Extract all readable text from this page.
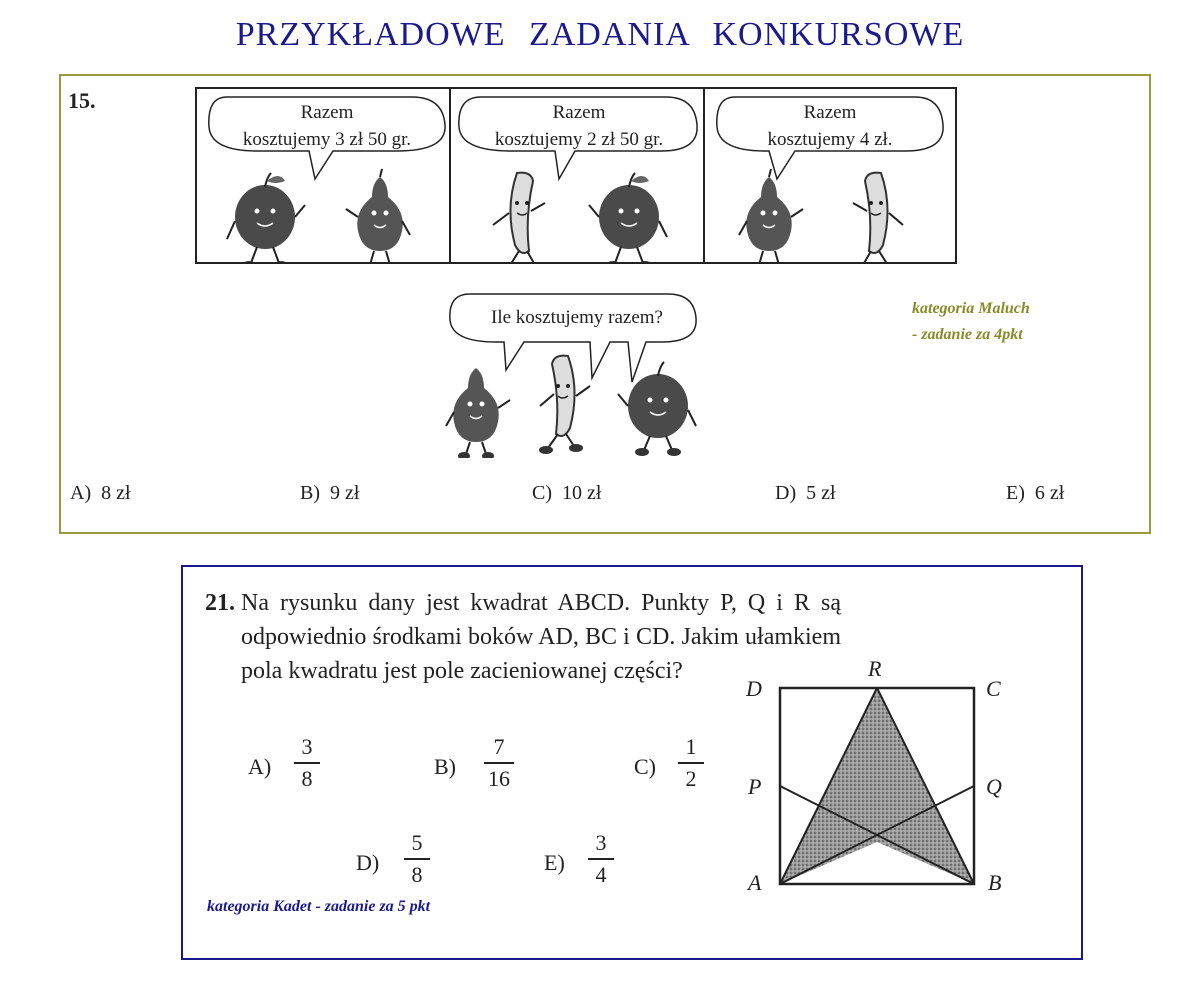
PRZYKŁADOWE ZADANIA KONKURSOWE
15.	Razem
kosztujemy 3 zł 50 gr.
Razem
kosztujemy 2 zł 50 gr.
Razem
kosztujemy 4 zł.
Ile kosztujemy razem?	kategoria Maluch
- zadanie za 4pkt
A) 8 zł	B) 9 zł	C) 10 zł	D) 5 zł	E) 6 zł
21. Na rysunku dany jest kwadrat ABCD. Punkty P, Q i R są odpowiednio środkami boków AD, BC i CD. Jakim ułamkiem pola kwadratu jest pole zacieniowanej części?
A)
3
8	B)
7
16	C)
1
2
D)
5
8	E)
3
4
kategoria Kadet - zadanie za 5 pkt
D
R
C
P	Q
A	B
